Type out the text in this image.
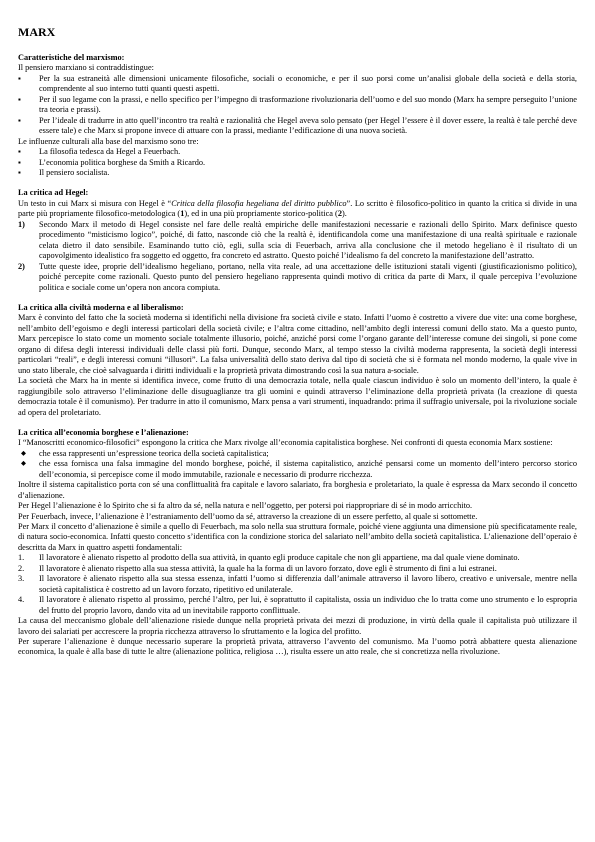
MARX
Caratteristiche del marxismo:

Il pensiero marxiano si contraddistingue:

▪ Per la sua estraneità alle dimensioni unicamente filosofiche, sociali o economiche, e per il suo porsi come un’analisi globale della società e della storia, comprendente al suo interno tutti quanti questi aspetti.
▪ Per il suo legame con la prassi, e nello specifico per l’impegno di trasformazione rivoluzionaria dell’uomo e del suo mondo (Marx ha sempre perseguito l’unione tra teoria e prassi).
▪ Per l’ideale di tradurre in atto quell’incontro tra realtà e razionalità che Hegel aveva solo pensato (per Hegel l’essere è il dover essere, la realtà è tale perché deve essere tale) e che Marx si propone invece di attuare con la prassi, mediante l’edificazione di una nuova società.

Le influenze culturali alla base del marxismo sono tre:

▪ La filosofia tedesca da Hegel a Feuerbach.
▪ L’economia politica borghese da Smith a Ricardo.
▪ Il pensiero socialista.
La critica ad Hegel:

Un testo in cui Marx si misura con Hegel è “Critica della filosofia hegeliana del diritto pubblico”. Lo scritto è filosofico-politico in quanto la critica si divide in una parte più propriamente filosofico-metodologica (1), ed in una più propriamente storico-politica (2).

1) Secondo Marx il metodo di Hegel consiste nel fare delle realtà empiriche delle manifestazioni necessarie e razionali dello Spirito. Marx definisce questo procedimento “misticismo logico”, poiché, di fatto, nasconde ciò che la realtà è, identificandola come una manifestazione di una realtà spirituale e razionale celata dietro il dato sensibile. Esaminando tutto ciò, egli, sulla scia di Feuerbach, arriva alla conclusione che il metodo hegeliano è il risultato di un capovolgimento idealistico fra soggetto ed oggetto, fra concreto ed astratto. Questo poiché l’idealismo fa del concreto la manifestazione dell’astratto.
2) Tutte queste idee, proprie dell’idealismo hegeliano, portano, nella vita reale, ad una accettazione delle istituzioni statali vigenti (giustificazionismo politico), poiché percepite come razionali. Questo punto del pensiero hegeliano rappresenta quindi motivo di critica da parte di Marx, il quale percepiva l’evoluzione politica e sociale come un’opera non ancora compiuta.
La critica alla civiltà moderna e al liberalismo:

Marx è convinto del fatto che la società moderna si identifichi nella divisione fra società civile e stato. Infatti l’uomo è costretto a vivere due vite: una come borghese, nell’ambito dell’egoismo e degli interessi particolari della società civile; e l’altra come cittadino, nell’ambito degli interessi comuni dello stato. Ma a questo punto, Marx percepisce lo stato come un momento sociale totalmente illusorio, poiché, anziché porsi come l’organo garante dell’interesse comune dei singoli, si pone come organo di difesa degli interessi individuali delle classi più forti. Dunque, secondo Marx, al tempo stesso la civiltà moderna rappresenta, la società degli interessi particolari “reali”, e degli interessi comuni “illusori”. La falsa universalità dello stato deriva dal tipo di società che si è formata nel mondo moderno, la quale vive in uno stato liberale, che cioè salvaguarda i diritti individuali e la proprietà privata dimostrando così la sua natura a-sociale.

La società che Marx ha in mente si identifica invece, come frutto di una democrazia totale, nella quale ciascun individuo è solo un momento dell’intero, la quale è raggiungibile solo attraverso l’eliminazione delle disuguaglianze tra gli uomini e quindi attraverso l’eliminazione della proprietà privata (la creazione di questa democrazia totale è il comunismo). Per tradurre in atto il comunismo, Marx pensa a vari strumenti, inquadrando: prima il suffragio universale, poi la rivoluzione sociale ad opera del proletariato.

La critica all’economia borghese e l’alienazione:

I “Manoscritti economico-filosofici” espongono la critica che Marx rivolge all’economia capitalistica borghese. Nei confronti di questa economia Marx sostiene:

◆ che essa rappresenti un’espressione teorica della società capitalistica;
◆ che essa fornisca una falsa immagine del mondo borghese, poiché, il sistema capitalistico, anziché pensarsi come un momento dell’intero percorso storico dell’economia, si percepisce come il modo immutabile, razionale e necessario di produrre ricchezza.

Inoltre il sistema capitalistico porta con sé una conflittualità fra capitale e lavoro salariato, fra borghesia e proletariato, la quale è espressa da Marx secondo il concetto d’alienazione.

Per Hegel l’alienazione è lo Spirito che si fa altro da sé, nella natura e nell’oggetto, per potersi poi riappropriare di sé in modo arricchito.

Per Feuerbach, invece, l’alienazione è l’estraniamento dell’uomo da sé, attraverso la creazione di un essere perfetto, al quale si sottomette.

Per Marx il concetto d’alienazione è simile a quello di Feuerbach, ma solo nella sua struttura formale, poiché viene aggiunta una dimensione più specificatamente reale, di natura socio-economica. Infatti questo concetto s’identifica con la condizione storica del salariato nell’ambito della società capitalistica. L’alienazione dell’operaio è descritta da Marx in quattro aspetti fondamentali:

1. Il lavoratore è alienato rispetto al prodotto della sua attività, in quanto egli produce capitale che non gli appartiene, ma dal quale viene dominato.
2. Il lavoratore è alienato rispetto alla sua stessa attività, la quale ha la forma di un lavoro forzato, dove egli è strumento di fini a lui estranei.
3. Il lavoratore è alienato rispetto alla sua stessa essenza, infatti l’uomo si differenzia dall’animale attraverso il lavoro libero, creativo e universale, mentre nella società capitalistica è costretto ad un lavoro forzato, ripetitivo ed unilaterale.
4. Il lavoratore è alienato rispetto al prossimo, perché l’altro, per lui, è soprattutto il capitalista, ossia un individuo che lo tratta come uno strumento e lo espropria del frutto del proprio lavoro, dando vita ad un inevitabile rapporto conflittuale.

La causa del meccanismo globale dell’alienazione risiede dunque nella proprietà privata dei mezzi di produzione, in virtù della quale il capitalista può utilizzare il lavoro dei salariati per accrescere la propria ricchezza attraverso lo sfruttamento e la logica del profitto.

Per superare l’alienazione è dunque necessario superare la proprietà privata, attraverso l’avvento del comunismo. Ma l’uomo potrà abbattere questa alienazione economica, la quale è alla base di tutte le altre (alienazione politica, religiosa …), risulta essere un atto reale, che si concretizza nella rivoluzione.
